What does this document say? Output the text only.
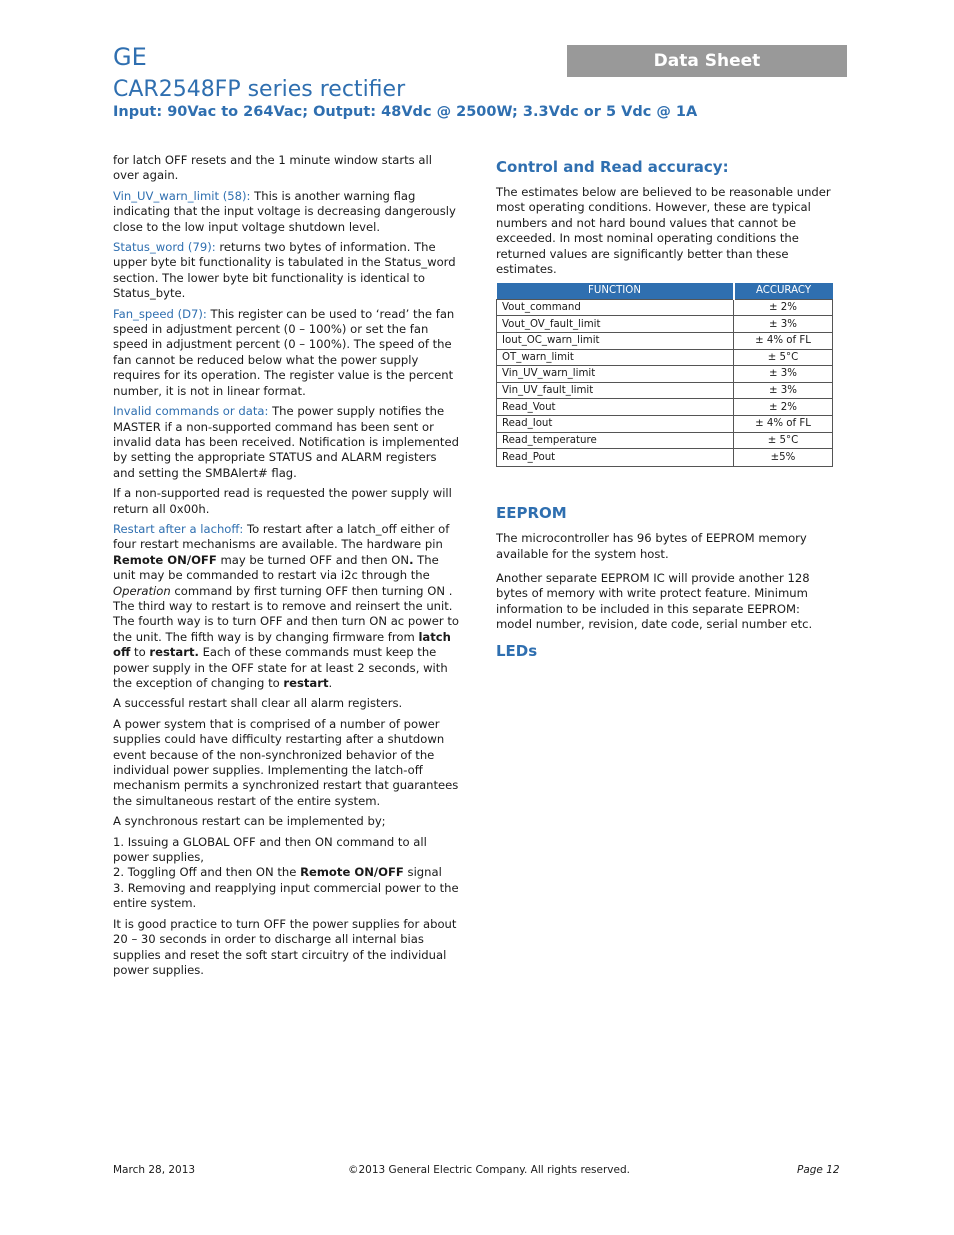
GE
CAR2548FP series rectifier
Input: 90Vac to 264Vac; Output: 48Vdc @ 2500W; 3.3Vdc or 5 Vdc @ 1A
Data Sheet

for latch OFF resets and the 1 minute window starts all over again.

Vin_UV_warn_limit (58): This is another warning flag indicating that the input voltage is decreasing dangerously close to the low input voltage shutdown level.

Status_word (79): returns two bytes of information. The upper byte bit functionality is tabulated in the Status_word section. The lower byte bit functionality is identical to Status_byte.

Fan_speed (D7): This register can be used to ‘read’ the fan speed in adjustment percent (0 – 100%) or set the fan speed in adjustment percent (0 – 100%). The speed of the fan cannot be reduced below what the power supply requires for its operation. The register value is the percent number, it is not in linear format.

Invalid commands or data: The power supply notifies the MASTER if a non-supported command has been sent or invalid data has been received. Notification is implemented by setting the appropriate STATUS and ALARM registers and setting the SMBAlert# flag.

If a non-supported read is requested the power supply will return all 0x00h.

Restart after a lachoff: To restart after a latch_off either of four restart mechanisms are available. The hardware pin Remote ON/OFF may be turned OFF and then ON. The unit may be commanded to restart via i2c through the Operation command by first turning OFF then turning ON . The third way to restart is to remove and reinsert the unit. The fourth way is to turn OFF and then turn ON ac power to the unit. The fifth way is by changing firmware from latch off to restart. Each of these commands must keep the power supply in the OFF state for at least 2 seconds, with the exception of changing to restart.

A successful restart shall clear all alarm registers.

A power system that is comprised of a number of power supplies could have difficulty restarting after a shutdown event because of the non-synchronized behavior of the individual power supplies. Implementing the latch-off mechanism permits a synchronized restart that guarantees the simultaneous restart of the entire system.

A synchronous restart can be implemented by;

1. Issuing a GLOBAL OFF and then ON command to all power supplies,
2. Toggling Off and then ON the Remote ON/OFF signal
3. Removing and reapplying input commercial power to the entire system.

It is good practice to turn OFF the power supplies for about 20 – 30 seconds in order to discharge all internal bias supplies and reset the soft start circuitry of the individual power supplies.

Control and Read accuracy:

The estimates below are believed to be reasonable under most operating conditions. However, these are typical numbers and not hard bound values that cannot be exceeded. In most nominal operating conditions the returned values are significantly better than these estimates.

FUNCTION	ACCURACY
Vout_command	± 2%
Vout_OV_fault_limit	± 3%
Iout_OC_warn_limit	± 4% of FL
OT_warn_limit	± 5°C
Vin_UV_warn_limit	± 3%
Vin_UV_fault_limit	± 3%
Read_Vout	± 2%
Read_Iout	± 4% of FL
Read_temperature	± 5°C
Read_Pout	±5%
EEPROM

The microcontroller has 96 bytes of EEPROM memory available for the system host.

Another separate EEPROM IC will provide another 128 bytes of memory with write protect feature. Minimum information to be included in this separate EEPROM: model number, revision, date code, serial number etc.

LEDs
March 28, 2013	©2013 General Electric Company. All rights reserved.	Page 12
